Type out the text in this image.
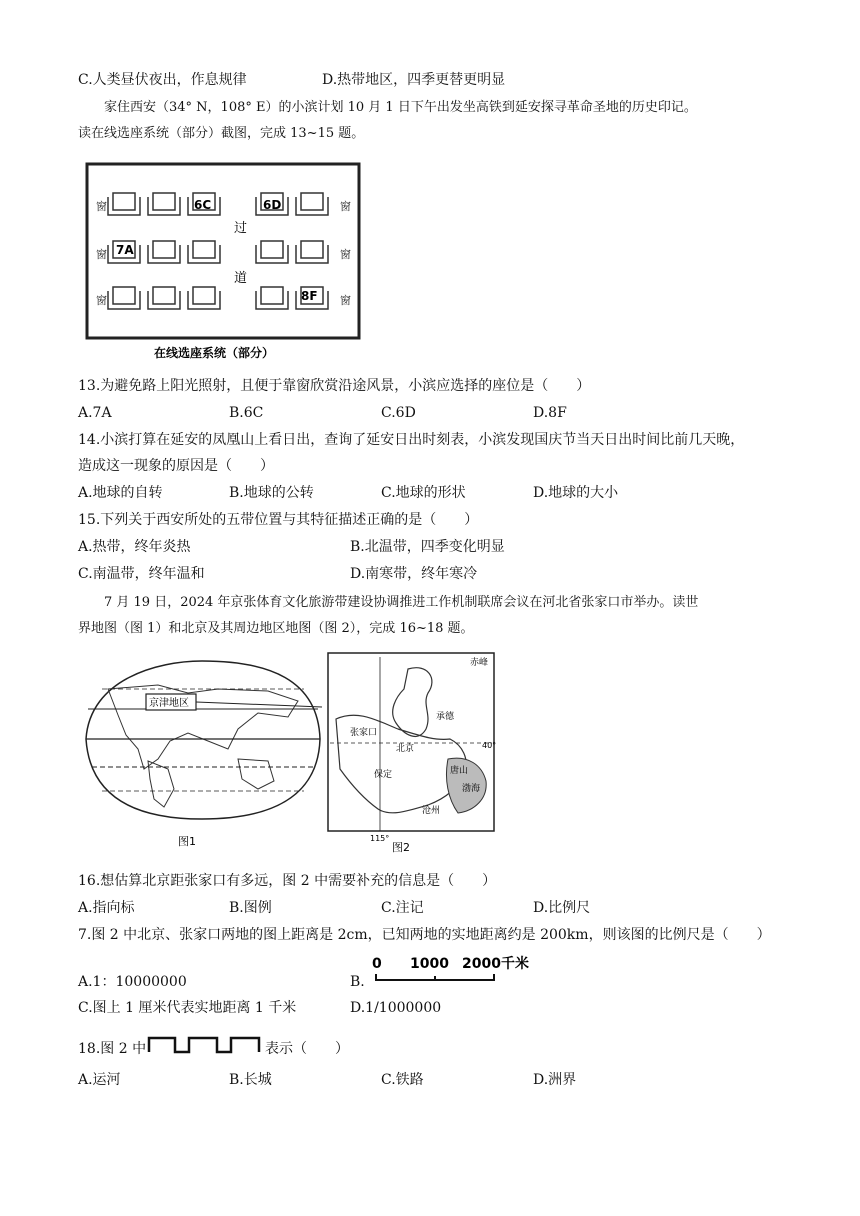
C.人类昼伏夜出，作息规律	D.热带地区，四季更替更明显
家住西安（34° N，108° E）的小滨计划 10 月 1 日下午出发坐高铁到延安探寻革命圣地的历史印记。
读在线选座系统（部分）截图，完成 13~15 题。
窗	窗
窗	窗
窗	窗
过
道
6C	6D
7A
8F
在线选座系统（部分）
13.为避免路上阳光照射，且便于靠窗欣赏沿途风景，小滨应选择的座位是（　　）
A.7A	B.6C	C.6D	D.8F
14.小滨打算在延安的凤凰山上看日出，查询了延安日出时刻表，小滨发现国庆节当天日出时间比前几天晚，
造成这一现象的原因是（　　）
A.地球的自转	B.地球的公转	C.地球的形状	D.地球的大小
15.下列关于西安所处的五带位置与其特征描述正确的是（　　）
A.热带，终年炎热	B.北温带，四季变化明显
C.南温带，终年温和	D.南寒带，终年寒冷
7 月 19 日，2024 年京张体育文化旅游带建设协调推进工作机制联席会议在河北省张家口市举办。读世
界地图（图 1）和北京及其周边地区地图（图 2），完成 16~18 题。
京津地区
图1
赤峰
承德
张家口
北京
唐山
保定
沧州
渤海
40°
115°
图2
16.想估算北京距张家口有多远，图 2 中需要补充的信息是（　　）
A.指向标	B.图例	C.注记	D.比例尺
7.图 2 中北京、张家口两地的图上距离是 2cm，已知两地的实地距离约是 200km，则该图的比例尺是（　　）
A.1：10000000	B.
0 1000 2000千米
C.图上 1 厘米代表实地距离 1 千米	D.1/1000000
18.图 2 中	表示（　　）
A.运河	B.长城	C.铁路	D.洲界
